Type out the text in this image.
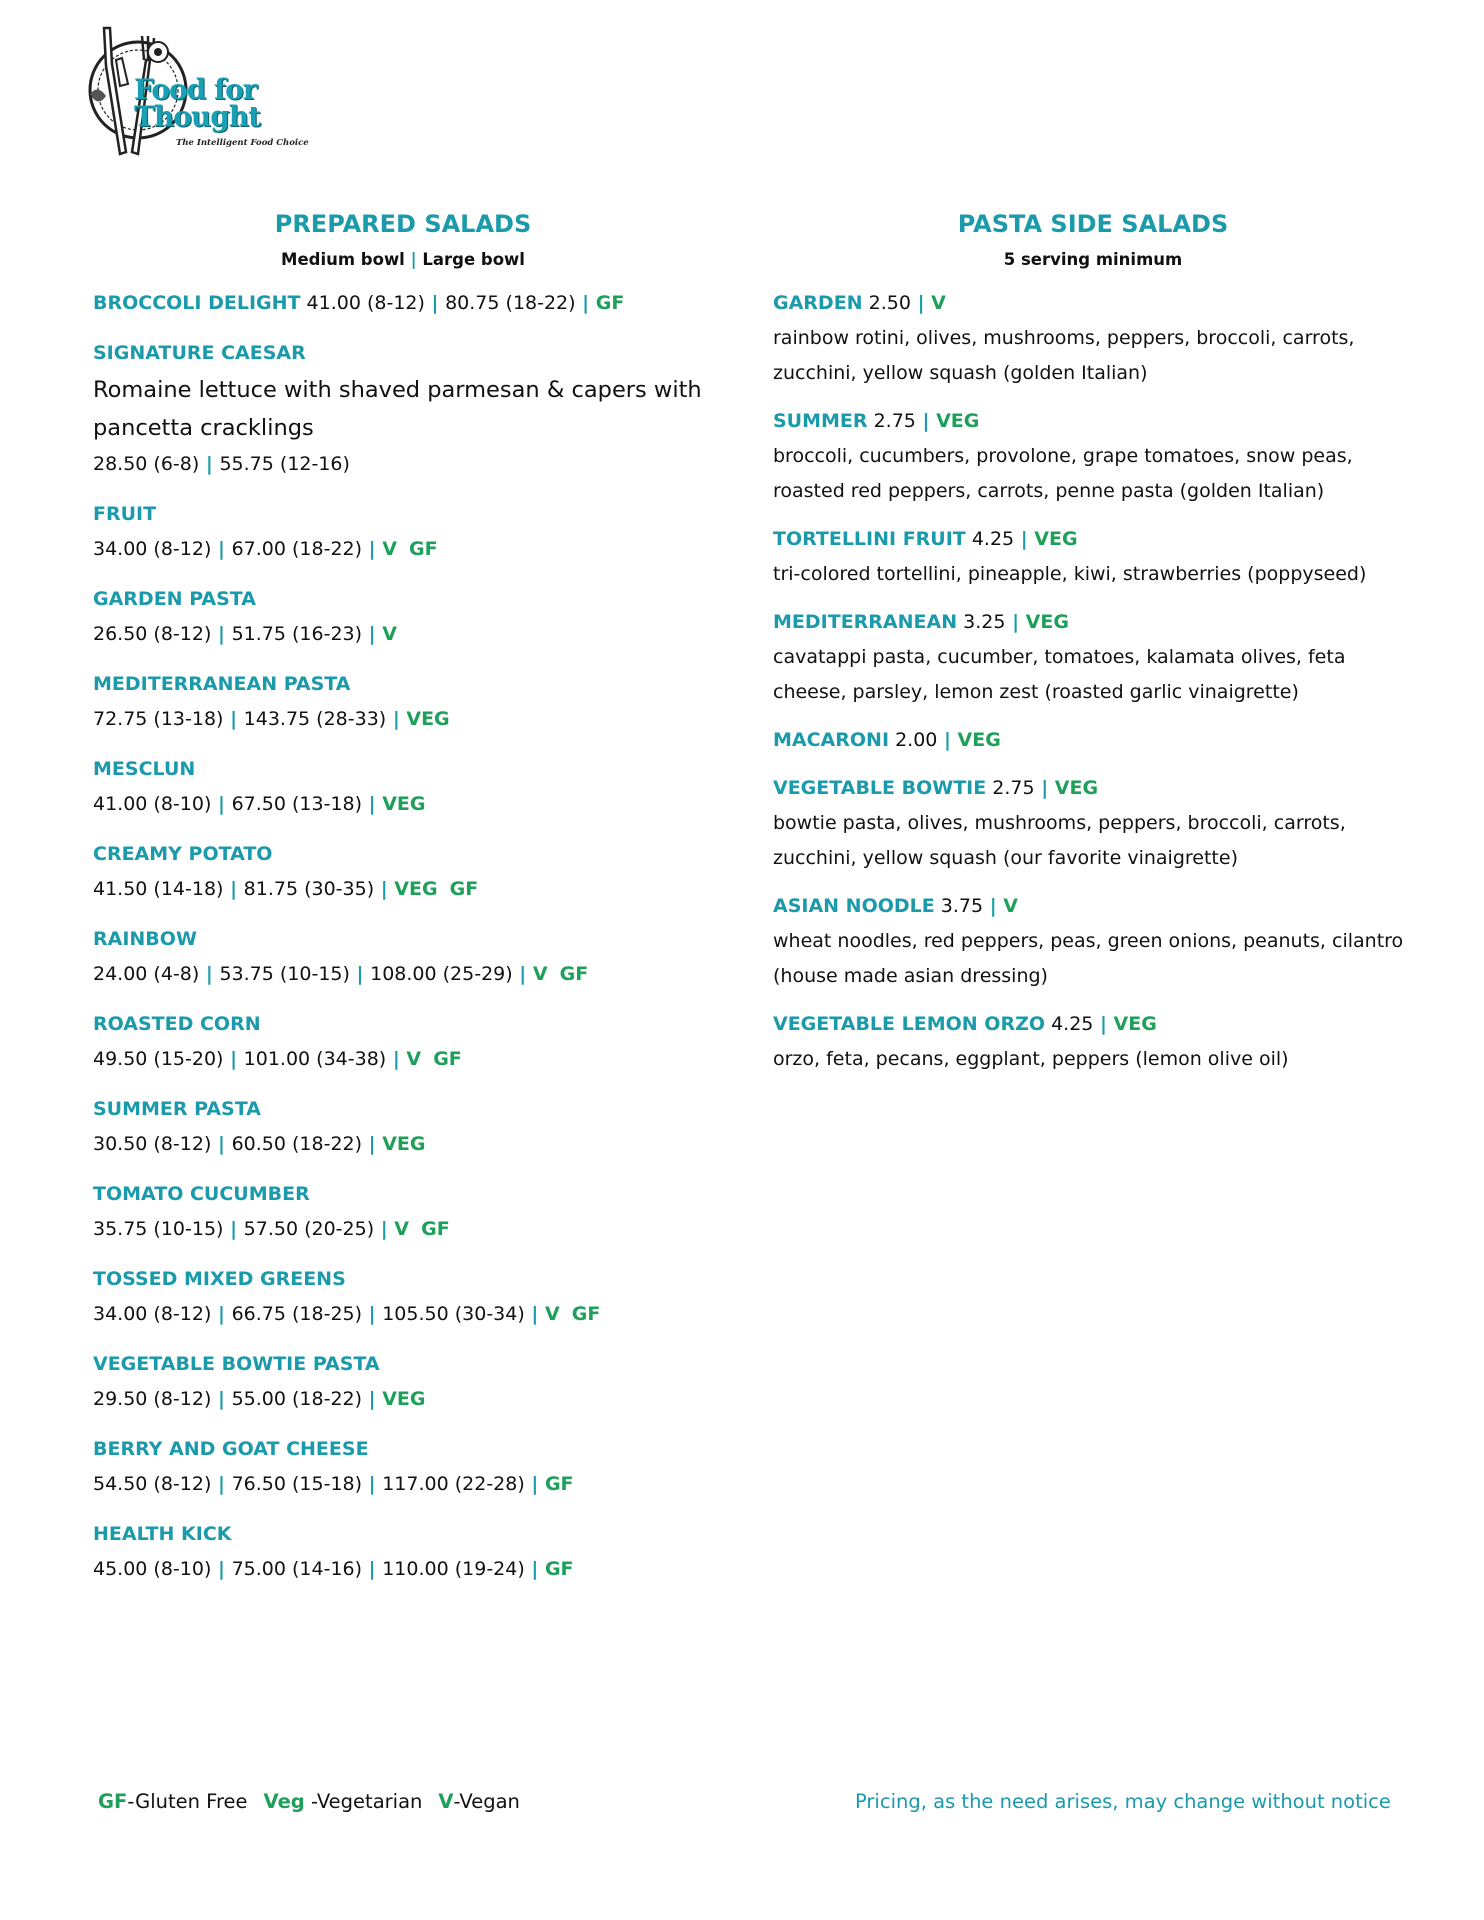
Food for
Thought
The Intelligent Food Choice
PREPARED SALADS
Medium bowl | Large bowl
BROCCOLI DELIGHT 41.00 (8-12) | 80.75 (18-22) | GF
SIGNATURE CAESAR
Romaine lettuce with shaved parmesan & capers with pancetta cracklings
28.50 (6-8) | 55.75 (12-16)
FRUIT
34.00 (8-12) | 67.00 (18-22) | V GF
GARDEN PASTA
26.50 (8-12) | 51.75 (16-23) | V
MEDITERRANEAN PASTA
72.75 (13-18) | 143.75 (28-33) | VEG
MESCLUN
41.00 (8-10) | 67.50 (13-18) | VEG
CREAMY POTATO
41.50 (14-18) | 81.75 (30-35) | VEG GF
RAINBOW
24.00 (4-8) | 53.75 (10-15) | 108.00 (25-29) | V GF
ROASTED CORN
49.50 (15-20) | 101.00 (34-38) | V GF
SUMMER PASTA
30.50 (8-12) | 60.50 (18-22) | VEG
TOMATO CUCUMBER
35.75 (10-15) | 57.50 (20-25) | V GF
TOSSED MIXED GREENS
34.00 (8-12) | 66.75 (18-25) | 105.50 (30-34) | V GF
VEGETABLE BOWTIE PASTA
29.50 (8-12) | 55.00 (18-22) | VEG
BERRY AND GOAT CHEESE
54.50 (8-12) | 76.50 (15-18) | 117.00 (22-28) | GF
HEALTH KICK
45.00 (8-10) | 75.00 (14-16) | 110.00 (19-24) | GF
PASTA SIDE SALADS
5 serving minimum
GARDEN 2.50 | V
rainbow rotini, olives, mushrooms, peppers, broccoli, carrots, zucchini, yellow squash (golden Italian)
SUMMER 2.75 | VEG
broccoli, cucumbers, provolone, grape tomatoes, snow peas, roasted red peppers, carrots, penne pasta (golden Italian)
TORTELLINI FRUIT 4.25 | VEG
tri-colored tortellini, pineapple, kiwi, strawberries (poppyseed)
MEDITERRANEAN 3.25 | VEG
cavatappi pasta, cucumber, tomatoes, kalamata olives, feta cheese, parsley, lemon zest (roasted garlic vinaigrette)
MACARONI 2.00 | VEG
VEGETABLE BOWTIE 2.75 | VEG
bowtie pasta, olives, mushrooms, peppers, broccoli, carrots, zucchini, yellow squash (our favorite vinaigrette)
ASIAN NOODLE 3.75 | V
wheat noodles, red peppers, peas, green onions, peanuts, cilantro (house made asian dressing)
VEGETABLE LEMON ORZO 4.25 | VEG
orzo, feta, pecans, eggplant, peppers (lemon olive oil)
GF-Gluten Free Veg -Vegetarian V-Vegan	Pricing, as the need arises, may change without notice
